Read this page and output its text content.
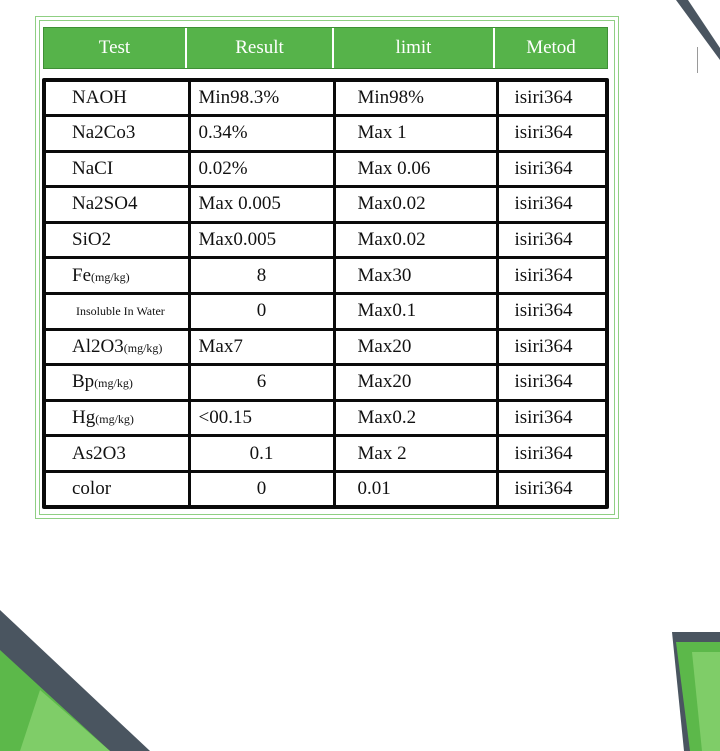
Test	Result	limit	Metod
NAOH	Min98.3%	Min98%	isiri364
Na2Co3	0.34%	Max 1	isiri364
NaCI	0.02%	Max 0.06	isiri364
Na2SO4	Max 0.005	Max0.02	isiri364
SiO2	Max0.005	Max0.02	isiri364
Fe(mg/kg)	8	Max30	isiri364
Insoluble In Water	0	Max0.1	isiri364
Al2O3(mg/kg)	Max7	Max20	isiri364
Bp(mg/kg)	6	Max20	isiri364
Hg(mg/kg)	<00.15	Max0.2	isiri364
As2O3	0.1	Max 2	isiri364
color	0	0.01	isiri364
